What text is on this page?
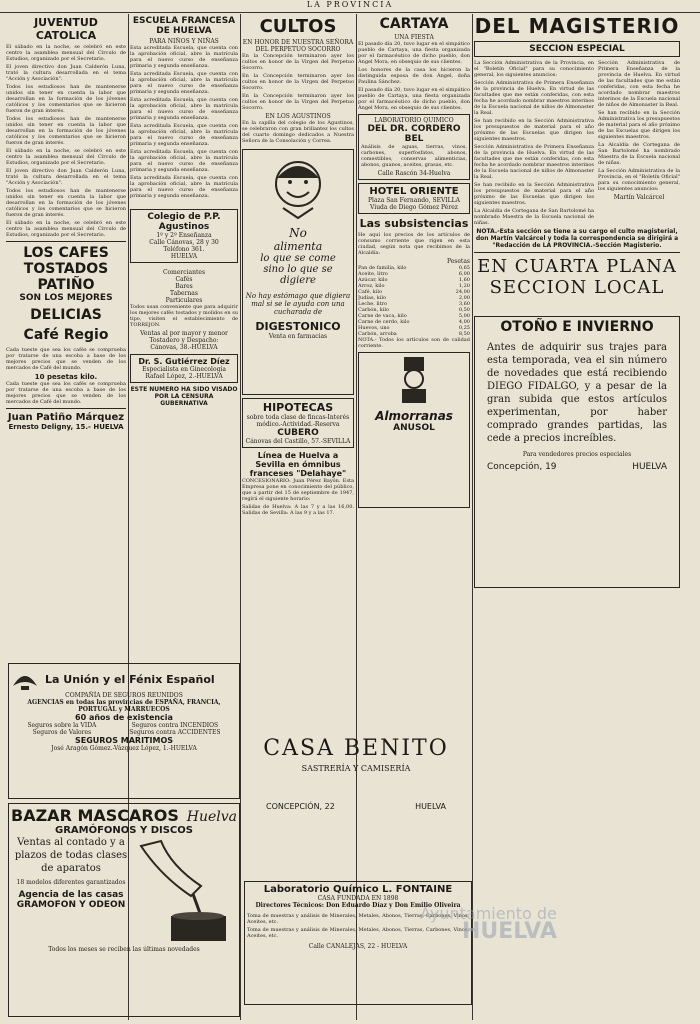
LA PROVINCIA
JUVENTUD CATOLICA

El sábado en la noche, se celebró en este centro la asamblea mensual del Círculo de Estudios, organizado por el Secretario.

El joven directivo don Juan Calderón Luna, trató la cultura desarrollada en el tema "Acción y Asociación".

Todos los estudiosos han de mantenerse unidos sin tener en cuenta la labor que desarrollan en la formación de los jóvenes católicos y los comentarios que se hicieron fueron de gran interés.

Todos los estudiosos han de mantenerse unidos sin tener en cuenta la labor que desarrollan en la formación de los jóvenes católicos y los comentarios que se hicieron fueron de gran interés.

El sábado en la noche, se celebró en este centro la asamblea mensual del Círculo de Estudios, organizado por el Secretario.

El joven directivo don Juan Calderón Luna, trató la cultura desarrollada en el tema "Acción y Asociación".

Todos los estudiosos han de mantenerse unidos sin tener en cuenta la labor que desarrollan en la formación de los jóvenes católicos y los comentarios que se hicieron fueron de gran interés.

El sábado en la noche, se celebró en este centro la asamblea mensual del Círculo de Estudios, organizado por el Secretario.

LOS CAFES TOSTADOS PATIÑO
SON LOS MEJORES
DELICIAS
Café Regio

Cada tueste que sea los cafés se comprueba por tratarse de una escoba a base de los mejores precios que se venden de los mercados de Café del mundo.

10 pesetas kilo.

Cada tueste que sea los cafés se comprueba por tratarse de una escoba a base de los mejores precios que se venden de los mercados de Café del mundo.

Juan Patiño Márquez
Ernesto Deligny, 15.- HUELVA
ESCUELA FRANCESA DE HUELVA
PARA NIÑOS Y NIÑAS

Esta acreditada Escuela, que cuenta con la aprobación oficial, abre la matrícula para el nuevo curso de enseñanza primaria y segunda enseñanza.

Esta acreditada Escuela, que cuenta con la aprobación oficial, abre la matrícula para el nuevo curso de enseñanza primaria y segunda enseñanza.

Esta acreditada Escuela, que cuenta con la aprobación oficial, abre la matrícula para el nuevo curso de enseñanza primaria y segunda enseñanza.

Esta acreditada Escuela, que cuenta con la aprobación oficial, abre la matrícula para el nuevo curso de enseñanza primaria y segunda enseñanza.

Esta acreditada Escuela, que cuenta con la aprobación oficial, abre la matrícula para el nuevo curso de enseñanza primaria y segunda enseñanza.

Esta acreditada Escuela, que cuenta con la aprobación oficial, abre la matrícula para el nuevo curso de enseñanza primaria y segunda enseñanza.

Colegio de P.P. Agustinos
1º y 2º Enseñanza
Calle Cánovas, 28 y 30
Teléfono 361.
HUELVA
Comerciantes
Cafés
Bares
Tabernas
Particulares

Todos usan conveniente que para adquirir los mejores cafés tostados y molidos en su tipo, visiten el establecimiento de TORREJON.

Ventas al por mayor y menor
Tostadero y Despacho:
Cánovas, 38.-HUELVA
Dr. S. Gutiérrez Díez
Especialista en Ginecología
Rafael López, 2.-HUELVA
ESTE NUMERO HA SIDO VISADO POR LA CENSURA GUBERNATIVA
CULTOS
EN HONOR DE NUESTRA SEÑORA DEL PERPETUO SOCORRO

En la Concepción terminaron ayer los cultos en honor de la Virgen del Perpetuo Socorro.

En la Concepción terminaron ayer los cultos en honor de la Virgen del Perpetuo Socorro.

En la Concepción terminaron ayer los cultos en honor de la Virgen del Perpetuo Socorro.

EN LOS AGUSTINOS

En la capilla del colegio de los Agustinos, se celebraron con gran brillantez los cultos del cuarto domingo dedicados a Nuestra Señora de la Consolación y Correa.

No
alimenta
lo que se come
sino lo que se
digiere
No hay estómago que digiera mal si se le ayuda con una cucharada de
DIGESTONICO
Venta en farmacias
HIPOTECAS
sobre toda clase de fincas-Interés módico.-Actividad.-Reserva
CUBERO
Cánovas del Castillo, 57.-SEVILLA
Línea de Huelva a Sevilla en ómnibus franceses "Delahaye"

CONCESIONARIO: Juan Pérez Bayón. Esta Empresa pone en conocimiento del público, que a partir del 15 de septiembre de 1947, regirá el siguiente horario:

Salidas de Huelva: A las 7 y a las 16,00. Salidas de Sevilla: A las 9 y a las 17.

CARTAYA
UNA FIESTA

El pasado día 20, tuvo lugar en el simpático pueblo de Cartaya, una fiesta organizada por el farmacéutico de dicho pueblo, don Ángel Mora, en obsequio de sus clientes.

Los honores de la casa los hicieron la distinguida esposa de don Ángel, doña Paulina Sánchez.

El pasado día 20, tuvo lugar en el simpático pueblo de Cartaya, una fiesta organizada por el farmacéutico de dicho pueblo, don Ángel Mora, en obsequio de sus clientes.

LABORATORIO QUIMICO
DEL DR. CORDERO BEL

Análisis de aguas, tierras, vinos, carbones, superfosfatos, abonos, comestibles, conservas alimenticias, abonos, guanos, aceites, grasas, etc.

Calle Rascón 34-Huelva
HOTEL ORIENTE
Plaza San Fernando, SEVILLA
Viuda de Diego Gómez Pérez
Las subsistencias

He aquí los precios de los artículos de consumo corriente que rigen en esta ciudad, según nota que recibimos de la Alcaldía:

Pesetas
Pan de familia, kilo	0,65
Aceite, litro	6,00
Azúcar, kilo	1,60
Arroz, kilo	1,20
Café, kilo	24,00
Judías, kilo	2,00
Leche, litro	3,60
Carbón, kilo	0,50
Carne de vaca, kilo	5,00
Carne de cerdo, kilo	4,00
Huevos, uno	0,25
Carbón, arroba	8,50

NOTA.- Todos los artículos son de calidad corriente.

Almorranas
ANUSOL
DEL MAGISTERIO
SECCION ESPECIAL

La Sección Administrativa de la Provincia, en el "Boletín Oficial" para su conocimiento general, los siguientes anuncios:

Sección Administrativa de Primera Enseñanza de la provincia de Huelva. En virtud de las facultades que me están conferidas, con esta fecha he acordado nombrar maestros interinos de la Escuela nacional de niños de Almonaster la Real.

Se han recibido en la Sección Administrativa los presupuestos de material para el año próximo de las Escuelas que dirigen los siguientes maestros.

Sección Administrativa de Primera Enseñanza de la provincia de Huelva. En virtud de las facultades que me están conferidas, con esta fecha he acordado nombrar maestros interinos de la Escuela nacional de niños de Almonaster la Real.

Se han recibido en la Sección Administrativa los presupuestos de material para el año próximo de las Escuelas que dirigen los siguientes maestros.

La Alcaldía de Cortegana de San Bartolomé ha nombrado Maestra de la Escuela nacional de niñas.

Sección Administrativa de Primera Enseñanza de la provincia de Huelva. En virtud de las facultades que me están conferidas, con esta fecha he acordado nombrar maestros interinos de la Escuela nacional de niños de Almonaster la Real.

Se han recibido en la Sección Administrativa los presupuestos de material para el año próximo de las Escuelas que dirigen los siguientes maestros.

La Alcaldía de Cortegana de San Bartolomé ha nombrado Maestra de la Escuela nacional de niñas.

La Sección Administrativa de la Provincia, en el "Boletín Oficial" para su conocimiento general, los siguientes anuncios:

Martín Valcárcel
NOTA.-Esta sección se tiene a su cargo el culto magisterial, don Martín Valcárcel y toda la correspondencia se dirigirá a "Redacción de LA PROVINCIA.-Sección Magisterio.
EN CUARTA PLANA
SECCION LOCAL
OTOÑO E INVIERNO
Antes de adquirir sus trajes para esta temporada, vea el sin número de novedades que está recibiendo DIEGO FIDALGO, y a pesar de la gran subida que estos artículos experimentan, por haber comprado grandes partidas, las cede a precios increíbles.
Para vendedores precios especiales
Concepción, 19	HUELVA
La Unión y el Fénix Español
COMPAÑÍA DE SEGUROS REUNIDOS
AGENCIAS en todas las provincias de ESPAÑA, FRANCIA, PORTUGAL y MARRUECOS
60 años de existencia
Seguros sobre la VIDA
Seguros de Valores
Seguros contra INCENDIOS
Seguros contra ACCIDENTES
SEGUROS MARITIMOS
José Aragón Gómez.-Vázquez López, 1.-HUELVA
BAZAR MASCAROS Huelva
GRAMÓFONOS Y DISCOS
Ventas al contado y a plazos de todas clases de aparatos
18 modelos diferentes garantizados
Agencia de las casas GRAMOFON Y ODEON
Todos los meses se reciben las últimas novedades
CASA BENITO
SASTRERÍA Y CAMISERÍA
CONCEPCIÓN, 22	HUELVA
Laboratorio Químico L. FONTAINE
CASA FUNDADA EN 1898
Directores Técnicos: Don Eduardo Díaz y Don Emilio Oliveira

Toma de muestras y análisis de Minerales, Metales, Abonos, Tierras, Carbones, Vinos, Aceites, etc.

Toma de muestras y análisis de Minerales, Metales, Abonos, Tierras, Carbones, Vinos, Aceites, etc.

Calle CANALEJAS, 22 - HUELVA
Ayuntamiento de
HUELVA
